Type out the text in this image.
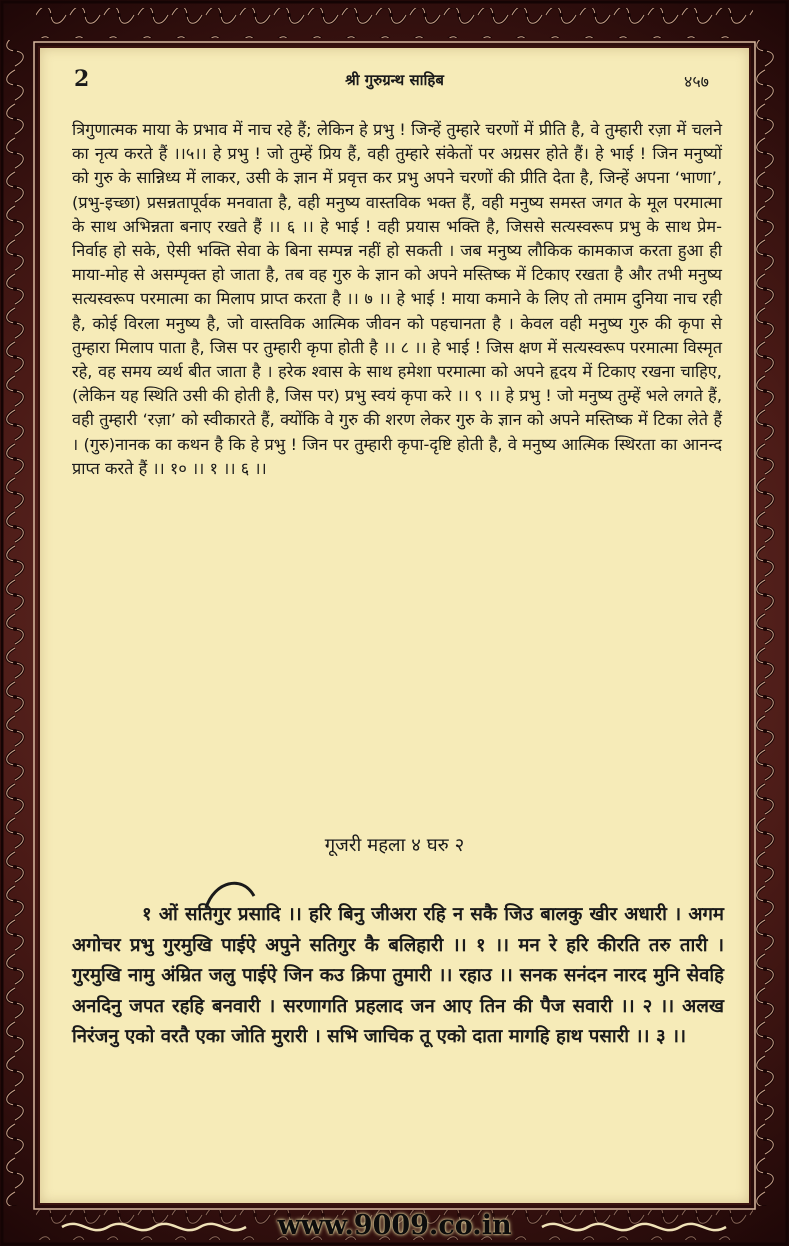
2	श्री गुरुग्रन्थ साहिब	४५७

त्रिगुणात्मक माया के प्रभाव में नाच रहे हैं; लेकिन हे प्रभु ! जिन्हें तुम्हारे चरणों में प्रीति है, वे तुम्हारी रज़ा में चलने का नृत्य करते हैं ।।५।। हे प्रभु ! जो तुम्हें प्रिय हैं, वही तुम्हारे संकेतों पर अग्रसर होते हैं। हे भाई ! जिन मनुष्यों को गुरु के सान्निध्य में लाकर, उसी के ज्ञान में प्रवृत्त कर प्रभु अपने चरणों की प्रीति देता है, जिन्हें अपना ‘भाणा’,(प्रभु-इच्छा) प्रसन्नतापूर्वक मनवाता है, वही मनुष्य वास्तविक भक्त हैं, वही मनुष्य समस्त जगत के मूल परमात्मा के साथ अभिन्नता बनाए रखते हैं ।। ६ ।। हे भाई ! वही प्रयास भक्ति है, जिससे सत्यस्वरूप प्रभु के साथ प्रेम-निर्वाह हो सके, ऐसी भक्ति सेवा के बिना सम्पन्न नहीं हो सकती । जब मनुष्य लौकिक कामकाज करता हुआ ही माया-मोह से असम्पृक्त हो जाता है, तब वह गुरु के ज्ञान को अपने मस्तिष्क में टिकाए रखता है और तभी मनुष्य सत्यस्वरूप परमात्मा का मिलाप प्राप्त करता है ।। ७ ।। हे भाई ! माया कमाने के लिए तो तमाम दुनिया नाच रही है, कोई विरला मनुष्य है, जो वास्तविक आत्मिक जीवन को पहचानता है । केवल वही मनुष्य गुरु की कृपा से तुम्हारा मिलाप पाता है, जिस पर तुम्हारी कृपा होती है ।। ८ ।। हे भाई ! जिस क्षण में सत्यस्वरूप परमात्मा विस्मृत रहे, वह समय व्यर्थ बीत जाता है । हरेक श्वास के साथ हमेशा परमात्मा को अपने हृदय में टिकाए रखना चाहिए, (लेकिन यह स्थिति उसी की होती है, जिस पर) प्रभु स्वयं कृपा करे ।। ९ ।। हे प्रभु ! जो मनुष्य तुम्हें भले लगते हैं, वही तुम्हारी ‘रज़ा’ को स्वीकारते हैं, क्योंकि वे गुरु की शरण लेकर गुरु के ज्ञान को अपने मस्तिष्क में टिका लेते हैं । (गुरु)नानक का कथन है कि हे प्रभु ! जिन पर तुम्हारी कृपा-दृष्टि होती है, वे मनुष्य आत्मिक स्थिरता का आनन्द प्राप्त करते हैं ।। १० ।। १ ।। ६ ।।

गूजरी महला ४ घरु २
१ ओं सतिगुर प्रसादि ।। हरि बिनु जीअरा रहि न सकै जिउ बालकु खीर अधारी । अगम अगोचर प्रभु गुरमुखि पाईऐ अपुने सतिगुर कै बलिहारी ।। १ ।। मन रे हरि कीरति तरु तारी । गुरमुखि नामु अंम्रित जलु पाईऐ जिन कउ क्रिपा तुमारी ।। रहाउ ।। सनक सनंदन नारद मुनि सेवहि अनदिनु जपत रहहि बनवारी । सरणागति प्रहलाद जन आए तिन की पैज सवारी ।। २ ।। अलख निरंजनु एको वरतै एका जोति मुरारी । सभि जाचिक तू एको दाता मागहि हाथ पसारी ।। ३ ।।
www.9009.co.in
